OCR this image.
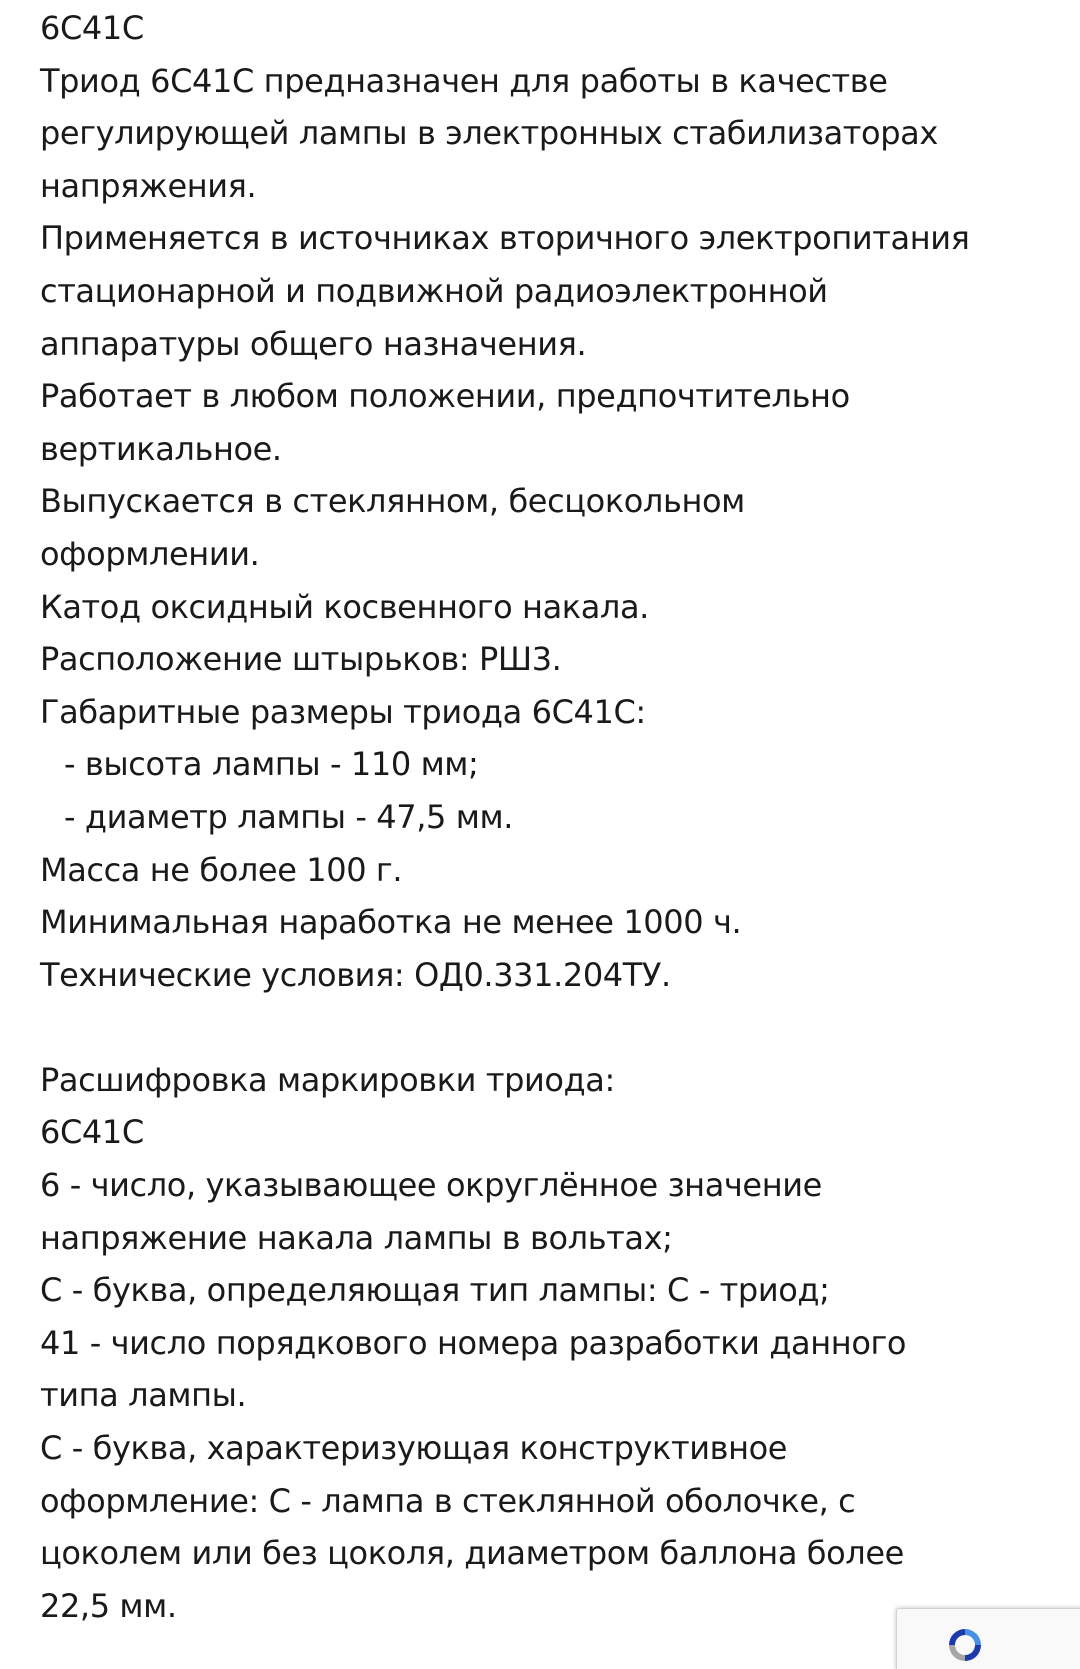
6С41С

Триод 6С41С предназначен для работы в качестве

регулирующей лампы в электронных стабилизаторах

напряжения.

Применяется в источниках вторичного электропитания

стационарной и подвижной радиоэлектронной

аппаратуры общего назначения.

Работает в любом положении, предпочтительно

вертикальное.

Выпускается в стеклянном, бесцокольном

оформлении.

Катод оксидный косвенного накала.

Расположение штырьков: РШ3.

Габаритные размеры триода 6С41С:

- высота лампы - 110 мм;

- диаметр лампы - 47,5 мм.

Масса не более 100 г.

Минимальная наработка не менее 1000 ч.

Технические условия: ОД0.331.204ТУ.

Расшифровка маркировки триода:

6С41С

6 - число, указывающее округлённое значение

напряжение накала лампы в вольтах;

С - буква, определяющая тип лампы: С - триод;

41 - число порядкового номера разработки данного

типа лампы.

С - буква, характеризующая конструктивное

оформление: С - лампа в стеклянной оболочке, с

цоколем или без цоколя, диаметром баллона более

22,5 мм.
